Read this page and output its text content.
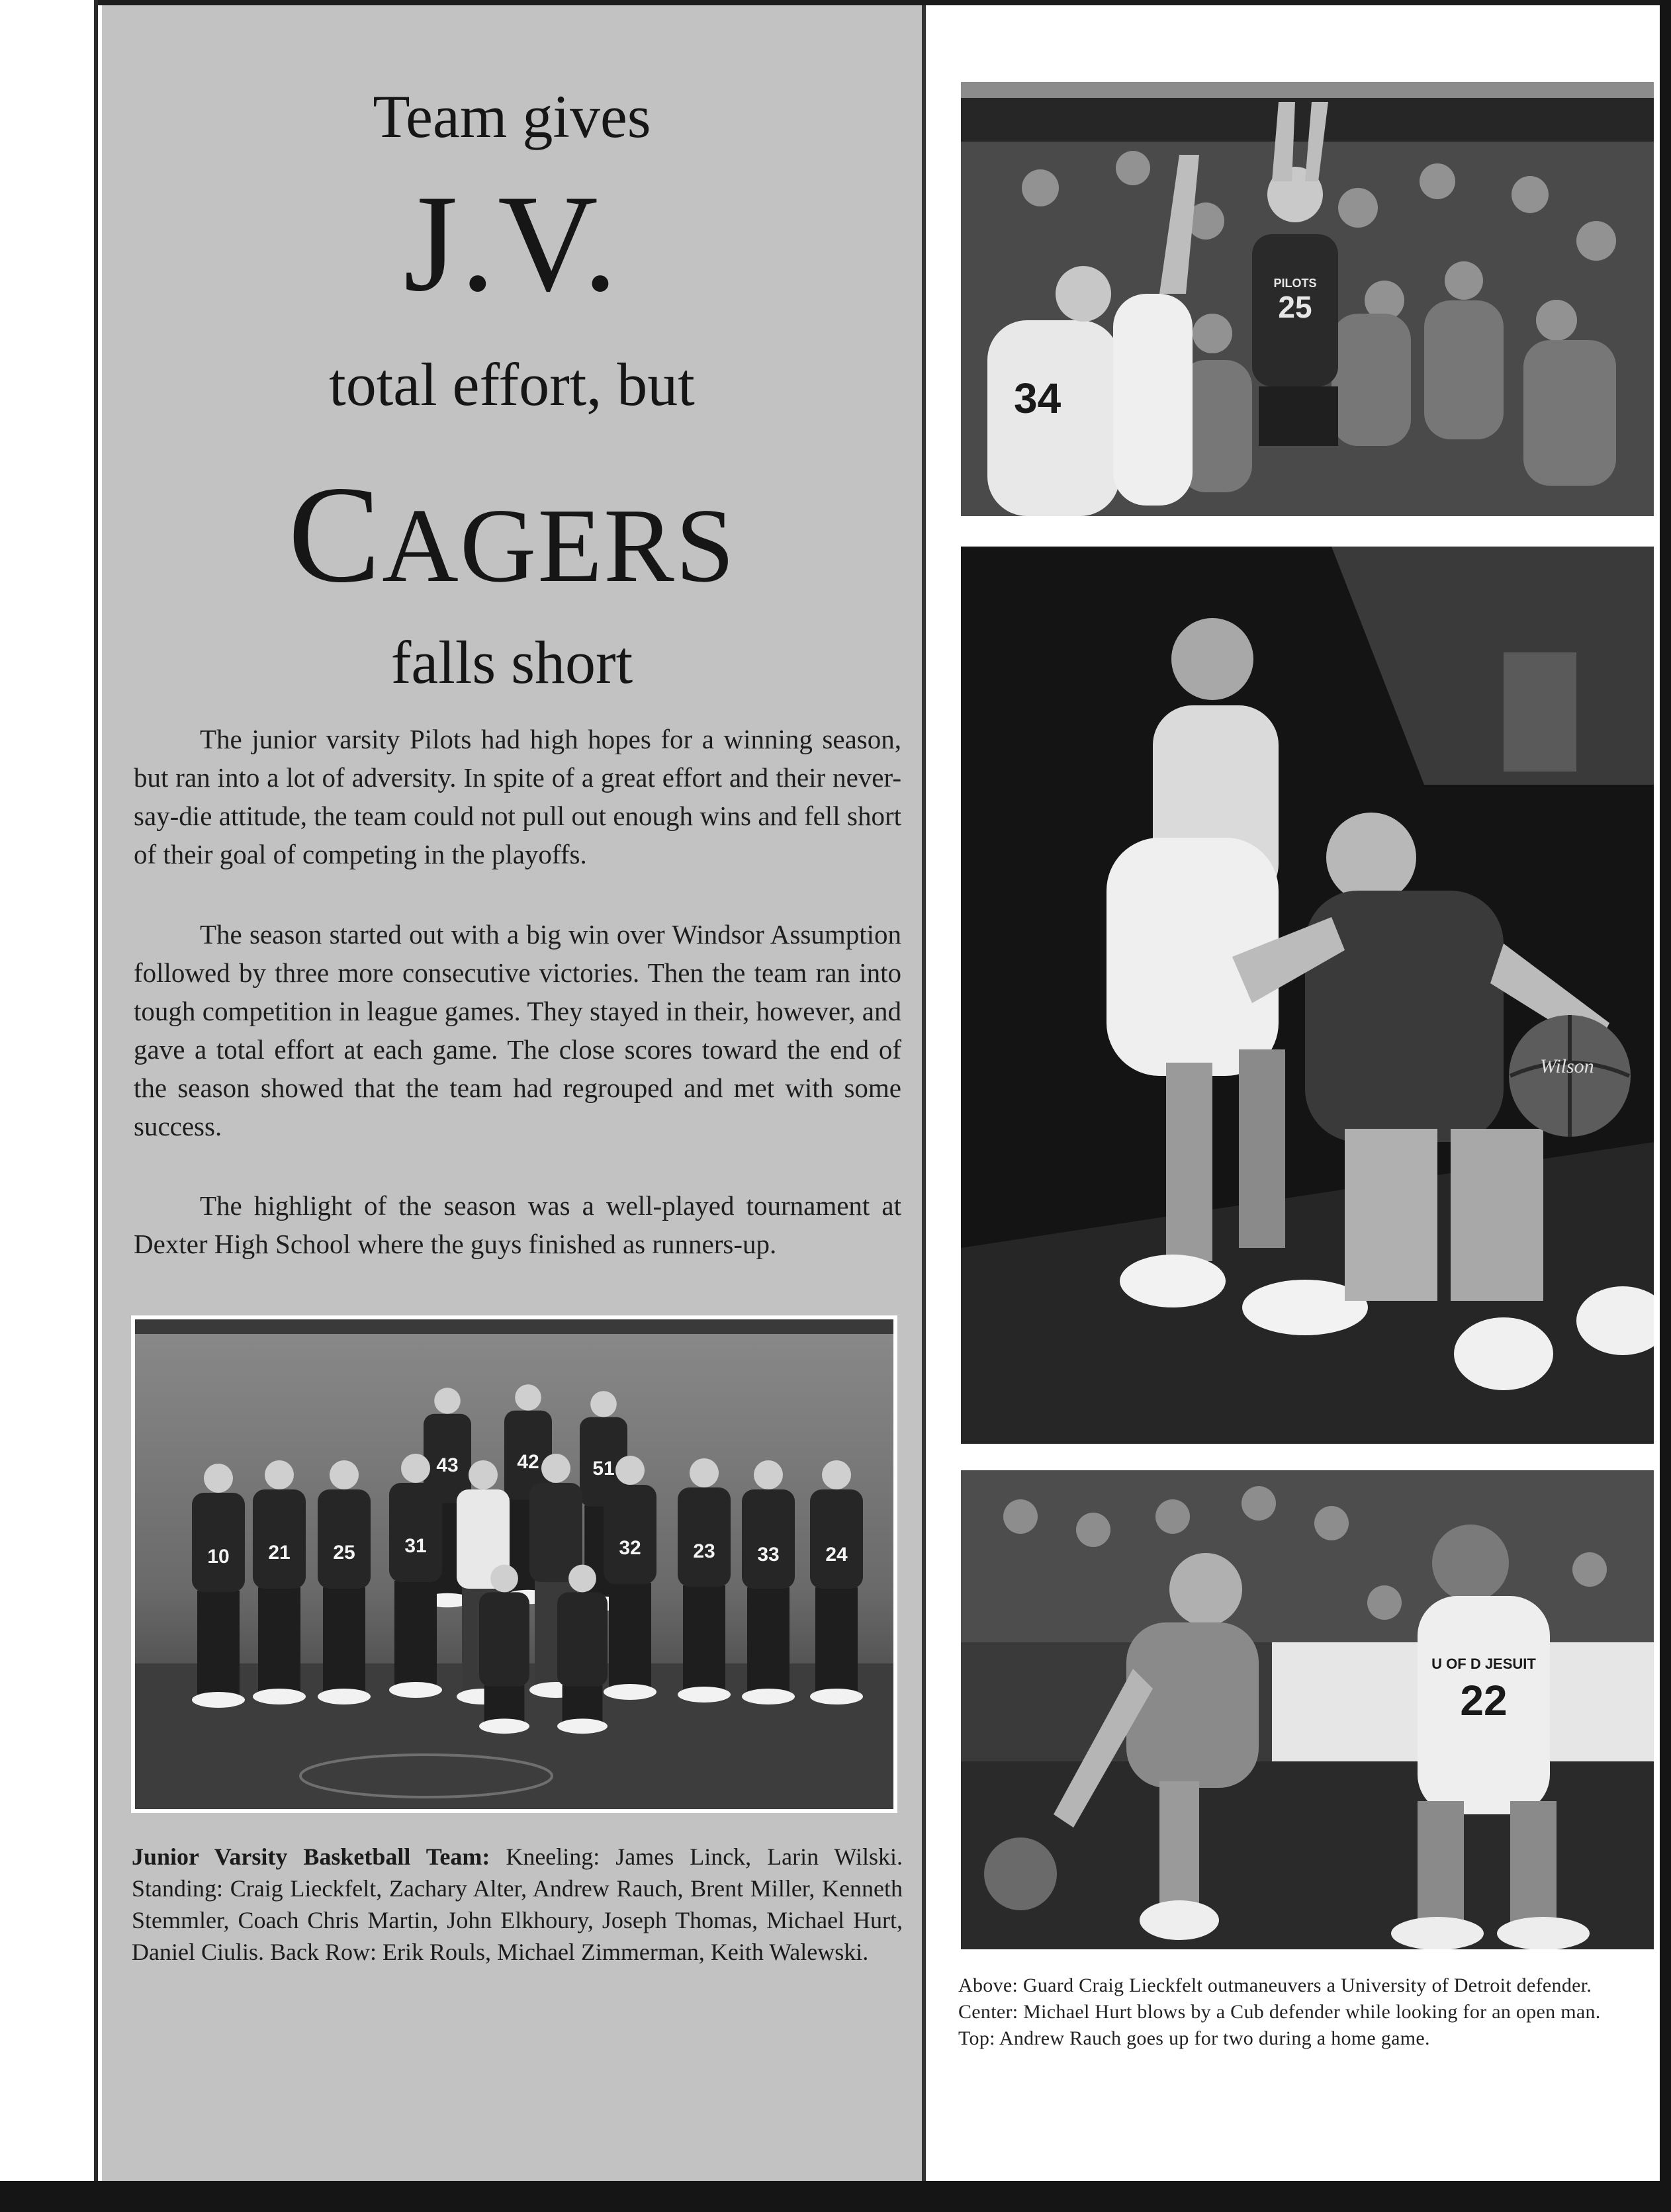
Team gives
J.V.
total effort, but
CAGERS
falls short

The junior varsity Pilots had high hopes for a winning season, but ran into a lot of adversity. In spite of a great effort and their never-say-die attitude, the team could not pull out enough wins and fell short of their goal of competing in the playoffs.

The season started out with a big win over Windsor Assumption followed by three more consecutive victories. Then the team ran into tough competition in league games. They stayed in their, however, and gave a total effort at each game. The close scores toward the end of the season showed that the team had regrouped and met with some success.

The highlight of the season was a well-played tournament at Dexter High School where the guys finished as runners-up.

43	42	51
10 21 25 31	32	23 33 24
Junior Varsity Basketball Team: Kneeling: James Linck, Larin Wilski. Standing: Craig Lieckfelt, Zachary Alter, Andrew Rauch, Brent Miller, Kenneth Stemmler, Coach Chris Martin, John Elkhoury, Joseph Thomas, Michael Hurt, Daniel Ciulis. Back Row: Erik Rouls, Michael Zimmerman, Keith Walewski.
34
PILOTS
25
Wilson
U OF D JESUIT
22
Above: Guard Craig Lieckfelt outmaneuvers a University of Detroit defender.
Center: Michael Hurt blows by a Cub defender while looking for an open man.
Top: Andrew Rauch goes up for two during a home game.
